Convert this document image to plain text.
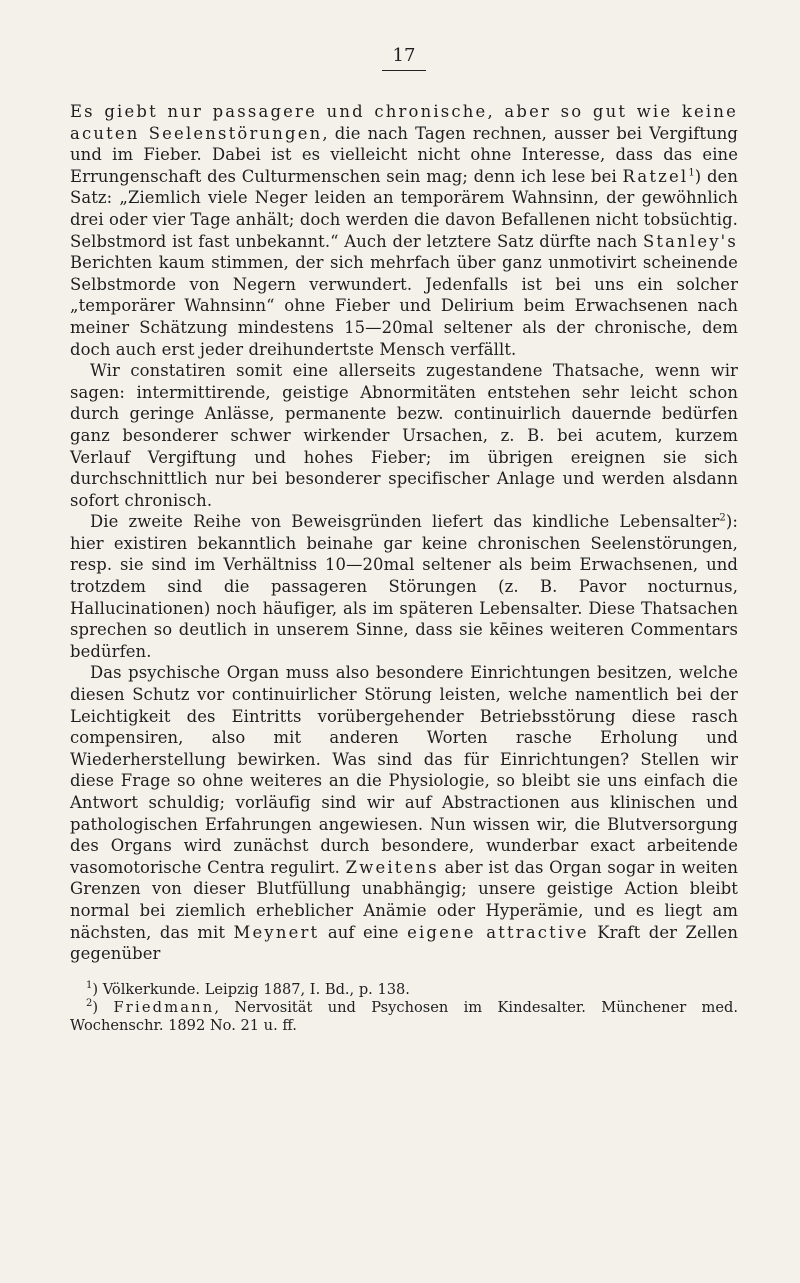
17

Es giebt nur passagere und chronische, aber so gut wie keine acuten Seelenstörungen, die nach Tagen rechnen, ausser bei Vergiftung und im Fieber. Dabei ist es vielleicht nicht ohne Interesse, dass das eine Errungenschaft des Culturmenschen sein mag; denn ich lese bei Ratzel$^1$) den Satz: „Ziemlich viele Neger leiden an temporärem Wahnsinn, der gewöhnlich drei oder vier Tage anhält; doch werden die davon Befallenen nicht tobsüchtig. Selbstmord ist fast unbekannt.“ Auch der letztere Satz dürfte nach Stanley's Berichten kaum stimmen, der sich mehrfach über ganz unmotivirt scheinende Selbstmorde von Negern verwundert. Jedenfalls ist bei uns ein solcher „temporärer Wahnsinn“ ohne Fieber und Delirium beim Erwachsenen nach meiner Schätzung mindestens 15—20mal seltener als der chronische, dem doch auch erst jeder dreihundertste Mensch verfällt.

Wir constatiren somit eine allerseits zugestandene Thatsache, wenn wir sagen: intermittirende, geistige Abnormitäten entstehen sehr leicht schon durch geringe Anlässe, permanente bezw. continuirlich dauernde bedürfen ganz besonderer schwer wirkender Ursachen, z. B. bei acutem, kurzem Verlauf Vergiftung und hohes Fieber; im übrigen ereignen sie sich durchschnittlich nur bei besonderer specifischer Anlage und werden alsdann sofort chronisch.

Die zweite Reihe von Beweisgründen liefert das kindliche Lebensalter$^2$): hier existiren bekanntlich beinahe gar keine chronischen Seelenstörungen, resp. sie sind im Verhältniss 10—20mal seltener als beim Erwachsenen, und trotzdem sind die passageren Störungen (z. B. Pavor nocturnus, Hallucinationen) noch häufiger, als im späteren Lebensalter. Diese Thatsachen sprechen so deutlich in unserem Sinne, dass sie kēines weiteren Commentars bedürfen.

Das psychische Organ muss also besondere Einrichtungen besitzen, welche diesen Schutz vor continuirlicher Störung leisten, welche namentlich bei der Leichtigkeit des Eintritts vorübergehender Betriebsstörung diese rasch compensiren, also mit anderen Worten rasche Erholung und Wiederherstellung bewirken. Was sind das für Einrichtungen? Stellen wir diese Frage so ohne weiteres an die Physiologie, so bleibt sie uns einfach die Antwort schuldig; vorläufig sind wir auf Abstractionen aus klinischen und pathologischen Erfahrungen angewiesen. Nun wissen wir, die Blutversorgung des Organs wird zunächst durch besondere, wunderbar exact arbeitende vasomotorische Centra regulirt. Zweitens aber ist das Organ sogar in weiten Grenzen von dieser Blutfüllung unabhängig; unsere geistige Action bleibt normal bei ziemlich erheblicher Anämie oder Hyperämie, und es liegt am nächsten, das mit Meynert auf eine eigene attractive Kraft der Zellen gegenüber

$^1$) Völkerkunde. Leipzig 1887, I. Bd., p. 138.

$^2$) Friedmann, Nervosität und Psychosen im Kindesalter. Münchener med. Wochenschr. 1892 No. 21 u. ff.
